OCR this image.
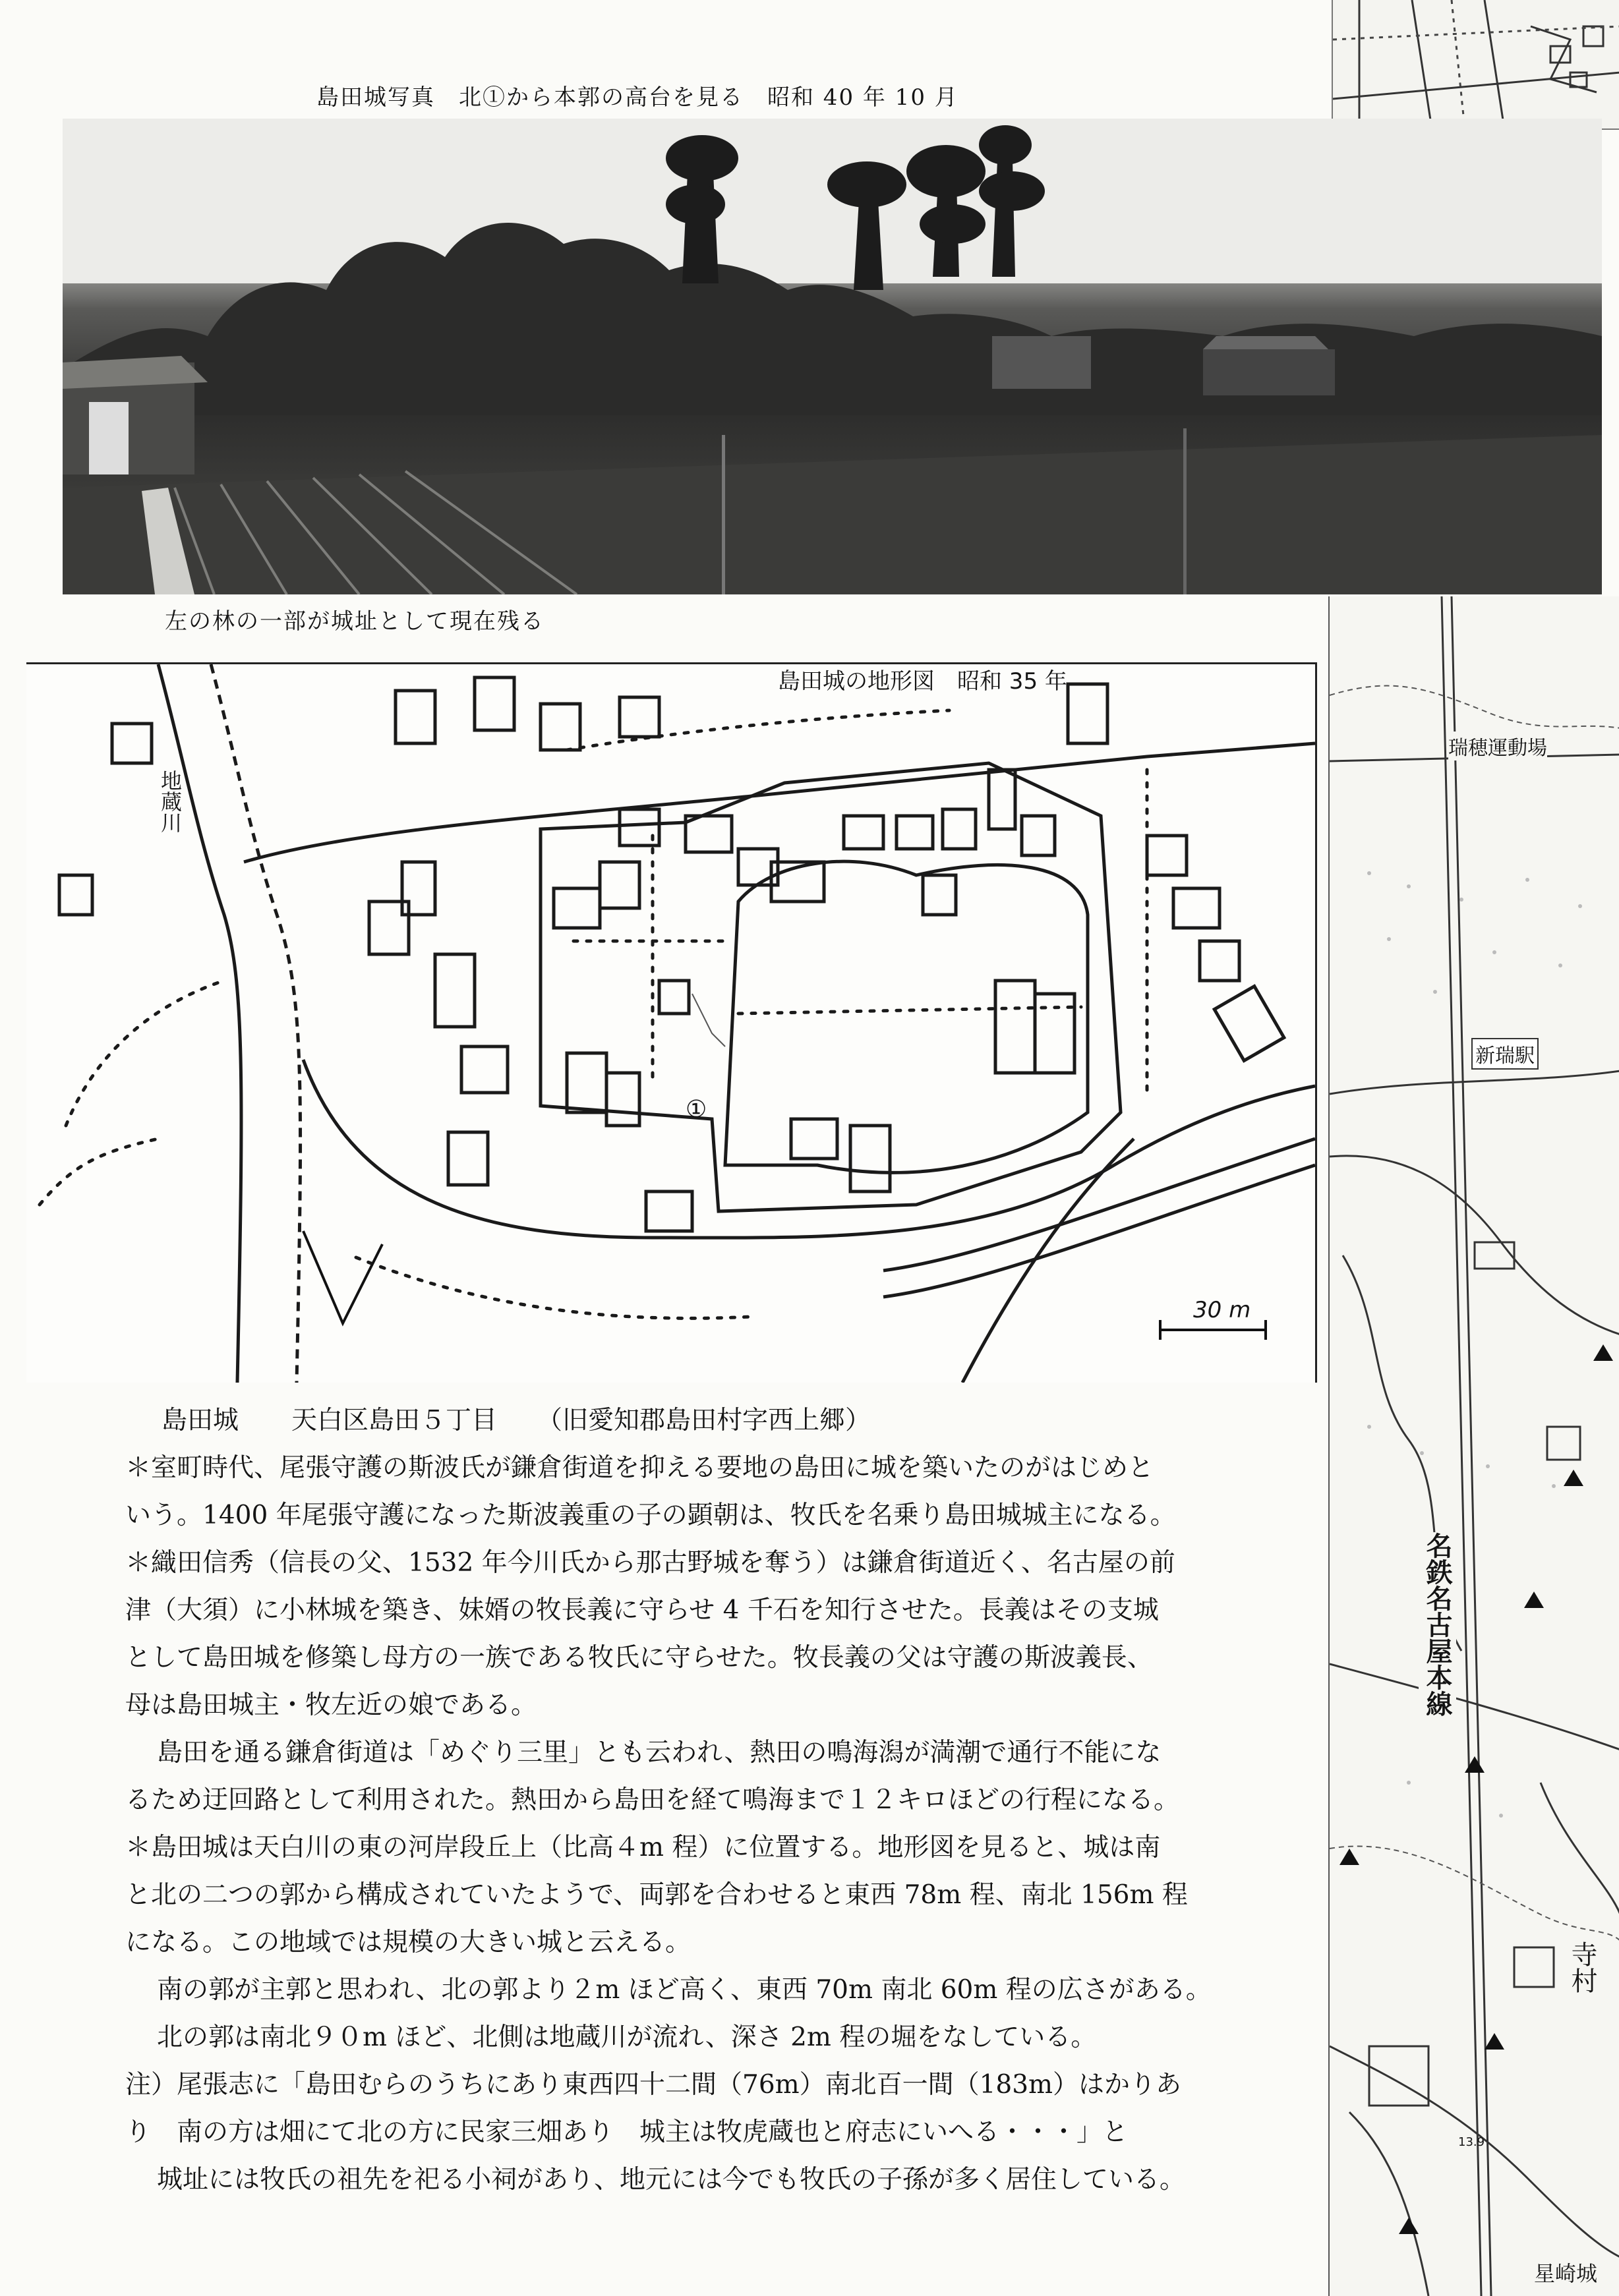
島田城写真　北①から本郭の高台を見る　昭和 40 年 10 月
左の林の一部が城址として現在残る
島田城の地形図　昭和 35 年
①
30 m
地蔵川
瑞穂運動場
新瑞駅
名鉄名古屋本線
星崎城
寺村
13.9

島田城 天白区島田５丁目 （旧愛知郡島田村字西上郷）

＊室町時代、尾張守護の斯波氏が鎌倉街道を抑える要地の島田に城を築いたのがはじめと

いう。1400 年尾張守護になった斯波義重の子の顕朝は、牧氏を名乗り島田城城主になる。

＊織田信秀（信長の父、1532 年今川氏から那古野城を奪う）は鎌倉街道近く、名古屋の前

津（大須）に小林城を築き、妹婿の牧長義に守らせ 4 千石を知行させた。長義はその支城

として島田城を修築し母方の一族である牧氏に守らせた。牧長義の父は守護の斯波義長、

母は島田城主・牧左近の娘である。

島田を通る鎌倉街道は「めぐり三里」とも云われ、熱田の鳴海潟が満潮で通行不能にな

るため迂回路として利用された。熱田から島田を経て鳴海まで１２キロほどの行程になる。

＊島田城は天白川の東の河岸段丘上（比高４m 程）に位置する。地形図を見ると、城は南

と北の二つの郭から構成されていたようで、両郭を合わせると東西 78m 程、南北 156m 程

になる。この地域では規模の大きい城と云える。

南の郭が主郭と思われ、北の郭より２m ほど高く、東西 70m 南北 60m 程の広さがある。

北の郭は南北９０m ほど、北側は地蔵川が流れ、深さ 2m 程の堀をなしている。

注）尾張志に「島田むらのうちにあり東西四十二間（76m）南北百一間（183m）はかりあ

り　南の方は畑にて北の方に民家三畑あり　城主は牧虎蔵也と府志にいへる・・・」と

城址には牧氏の祖先を祀る小祠があり、地元には今でも牧氏の子孫が多く居住している。
